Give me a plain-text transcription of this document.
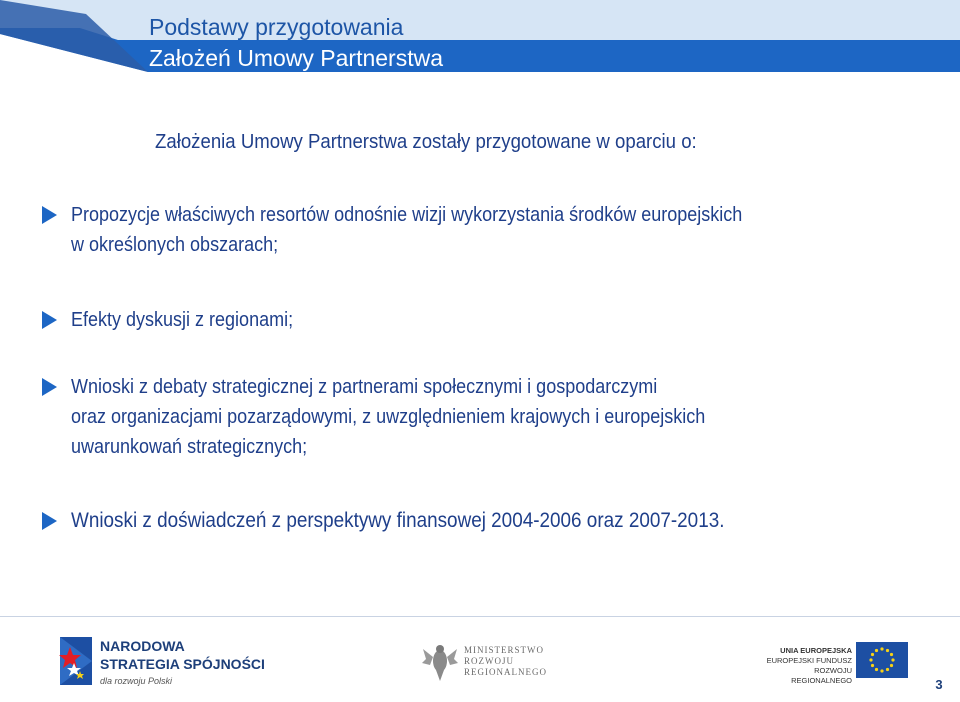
Podstawy przygotowania
Założeń Umowy Partnerstwa
Założenia Umowy Partnerstwa zostały przygotowane w oparciu o:
Propozycje właściwych resortów odnośnie wizji wykorzystania środków europejskich
w określonych obszarach;
Efekty dyskusji z regionami;
Wnioski z debaty strategicznej z partnerami społecznymi i gospodarczymi
oraz organizacjami pozarządowymi, z uwzględnieniem krajowych i europejskich
uwarunkowań strategicznych;
Wnioski z doświadczeń z perspektywy finansowej 2004-2006 oraz 2007-2013.
NARODOWA
STRATEGIA SPÓJNOŚCI
dla rozwoju Polski
MINISTERSTWO
ROZWOJU
REGIONALNEGO
UNIA EUROPEJSKA
EUROPEJSKI FUNDUSZ
ROZWOJU REGIONALNEGO	$_3$
